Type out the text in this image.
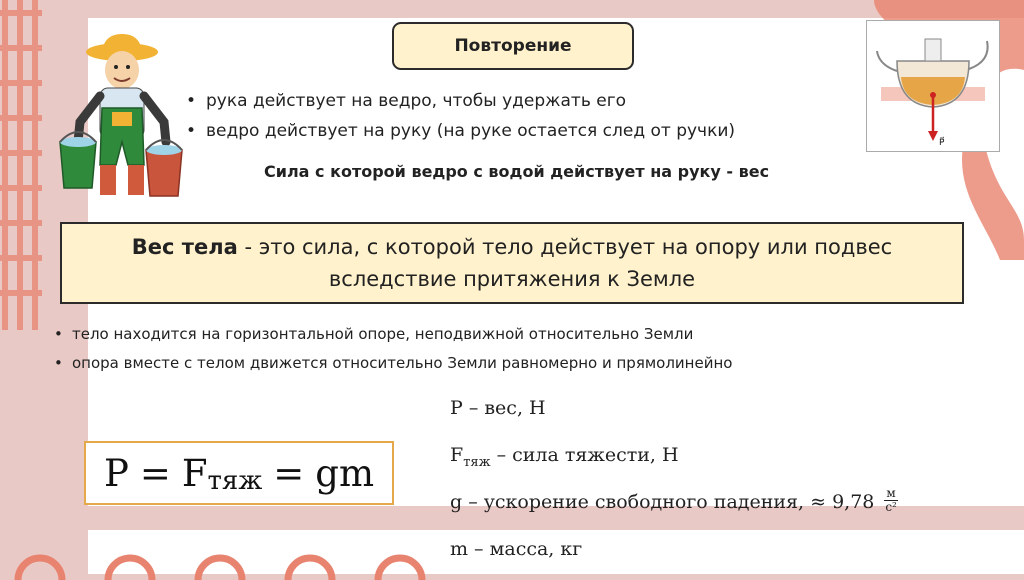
Повторение
P⃗
• рука действует на ведро, чтобы удержать его
• ведро действует на руку (на руке остается след от ручки)
Сила с которой ведро с водой действует на руку - вес
Вес тела - это сила, с которой тело действует на опору или подвес
вследствие притяжения к Земле
• тело находится на горизонтальной опоре, неподвижной относительно Земли
• опора вместе с телом движется относительно Земли равномерно и прямолинейно
P = F тяж = gm
P – вес, Н
$F_{тяж}$ – сила тяжести, Н
g – ускорение свободного падения, ≈ $9,78 \frac{м}{\text{с²}}$
m – масса, кг
